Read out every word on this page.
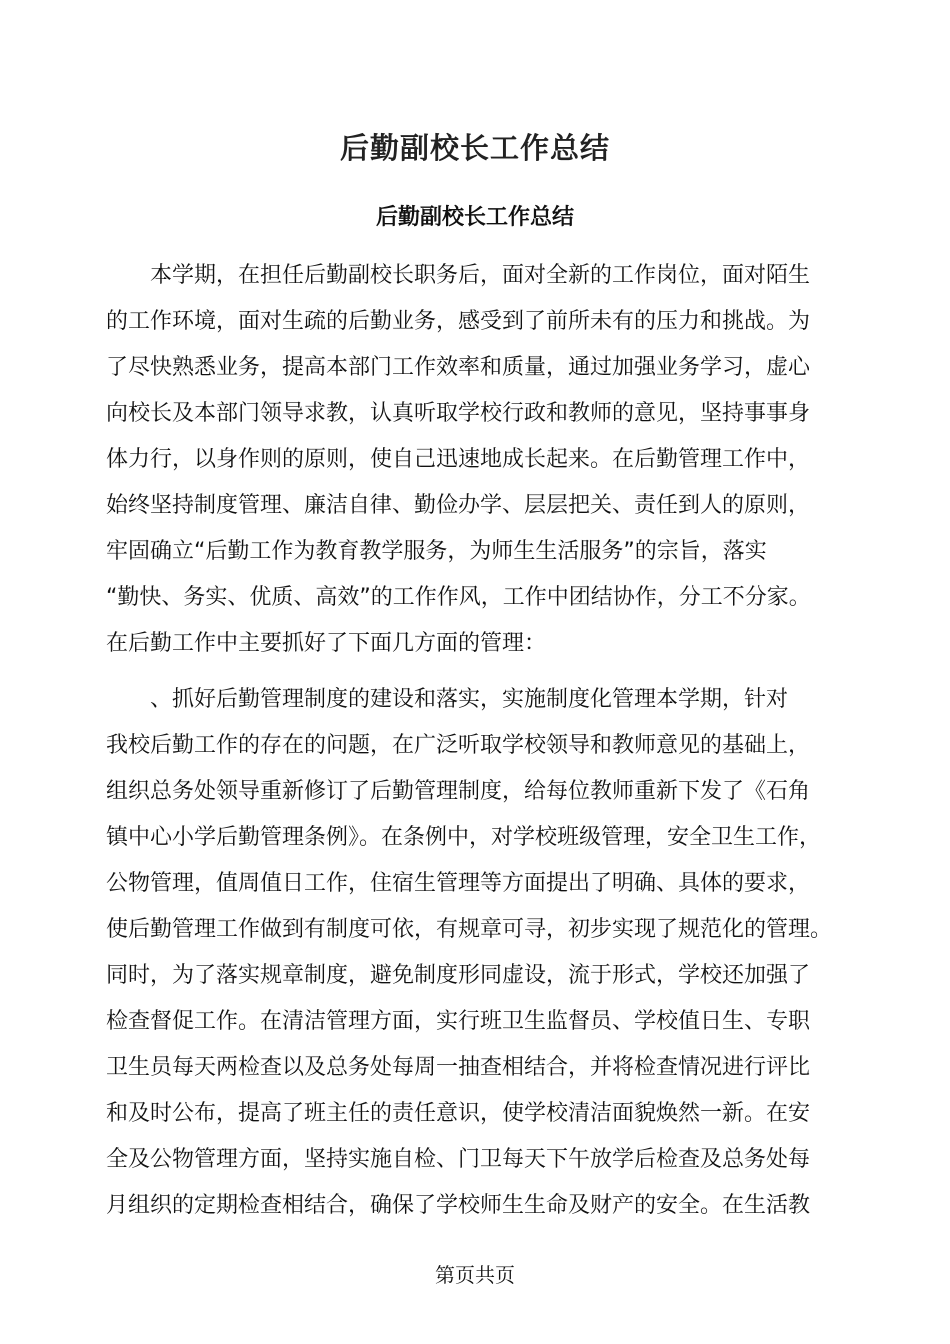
后勤副校长工作总结
后勤副校长工作总结
　　本学期，在担任后勤副校长职务后，面对全新的工作岗位，面对陌生
的工作环境，面对生疏的后勤业务，感受到了前所未有的压力和挑战。为
了尽快熟悉业务，提高本部门工作效率和质量，通过加强业务学习，虚心
向校长及本部门领导求教，认真听取学校行政和教师的意见，坚持事事身
体力行，以身作则的原则，使自己迅速地成长起来。在后勤管理工作中，
始终坚持制度管理、廉洁自律、勤俭办学、层层把关、责任到人的原则，
牢固确立“后勤工作为教育教学服务，为师生生活服务”的宗旨，落实
“勤快、务实、优质、高效”的工作作风，工作中团结协作，分工不分家。
在后勤工作中主要抓好了下面几方面的管理：
　　、抓好后勤管理制度的建设和落实，实施制度化管理本学期，针对
我校后勤工作的存在的问题，在广泛听取学校领导和教师意见的基础上，
组织总务处领导重新修订了后勤管理制度，给每位教师重新下发了《石角
镇中心小学后勤管理条例》。在条例中，对学校班级管理，安全卫生工作，
公物管理，值周值日工作，住宿生管理等方面提出了明确、具体的要求，
使后勤管理工作做到有制度可依，有规章可寻，初步实现了规范化的管理。
同时，为了落实规章制度，避免制度形同虚设，流于形式，学校还加强了
检查督促工作。在清洁管理方面，实行班卫生监督员、学校值日生、专职
卫生员每天两检查以及总务处每周一抽查相结合，并将检查情况进行评比
和及时公布，提高了班主任的责任意识，使学校清洁面貌焕然一新。在安
全及公物管理方面，坚持实施自检、门卫每天下午放学后检查及总务处每
月组织的定期检查相结合，确保了学校师生生命及财产的安全。在生活教
第页共页
